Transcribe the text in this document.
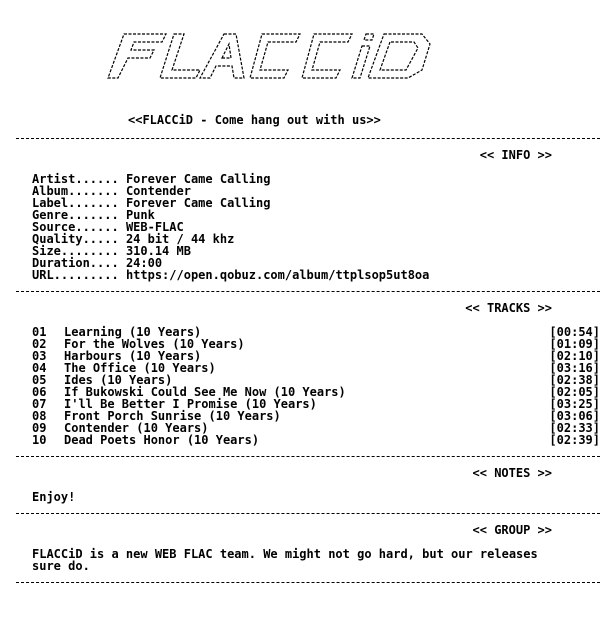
<<FLACCiD - Come hang out with us>>
<< INFO >>
Artist...... Forever Came Calling
Album....... Contender
Label....... Forever Came Calling
Genre....... Punk
Source...... WEB-FLAC
Quality..... 24 bit / 44 khz
Size........ 310.14 MB
Duration.... 24:00
URL......... https://open.qobuz.com/album/ttplsop5ut8oa
<< TRACKS >>
01	Learning (10 Years)	[00:54]
02	For the Wolves (10 Years)	[01:09]
03	Harbours (10 Years)	[02:10]
04	The Office (10 Years)	[03:16]
05	Ides (10 Years)	[02:38]
06	If Bukowski Could See Me Now (10 Years)	[02:05]
07	I'll Be Better I Promise (10 Years)	[03:25]
08	Front Porch Sunrise (10 Years)	[03:06]
09	Contender (10 Years)	[02:33]
10	Dead Poets Honor (10 Years)	[02:39]
<< NOTES >>
Enjoy!
<< GROUP >>
FLACCiD is a new WEB FLAC team. We might not go hard, but our releases
sure do.
